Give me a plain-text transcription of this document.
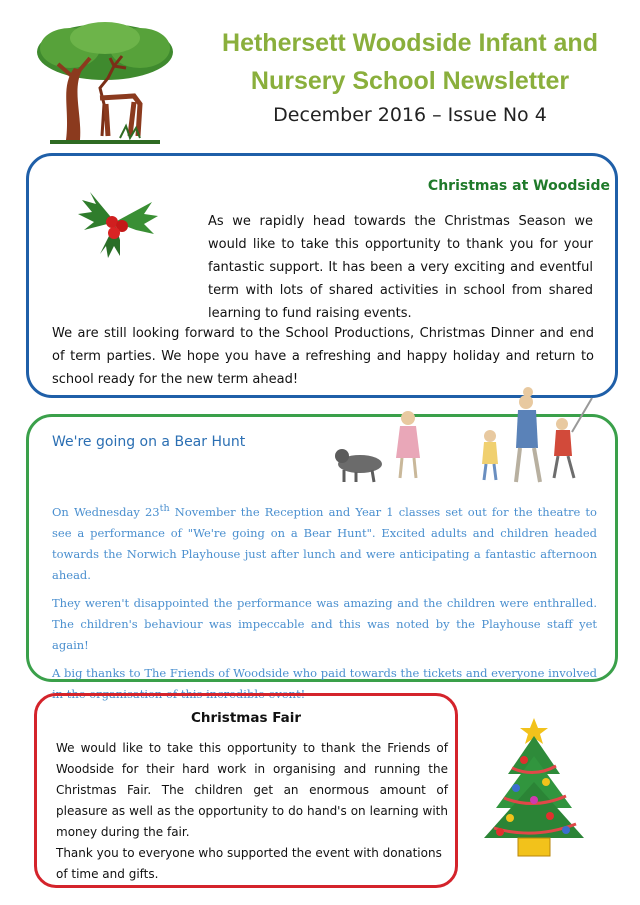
Hethersett Woodside Infant and Nursery School Newsletter
December 2016 – Issue No 4
Christmas at Woodside

As we rapidly head towards the Christmas Season we would like to take this opportunity to thank you for your fantastic support. It has been a very exciting and eventful term with lots of shared activities in school from shared learning to fund raising events.

We are still looking forward to the School Productions, Christmas Dinner and end of term parties. We hope you have a refreshing and happy holiday and return to school ready for the new term ahead!

We're going on a Bear Hunt

On Wednesday 23th November the Reception and Year 1 classes set out for the theatre to see a performance of "We're going on a Bear Hunt". Excited adults and children headed towards the Norwich Playhouse just after lunch and were anticipating a fantastic afternoon ahead.

They weren't disappointed the performance was amazing and the children were enthralled. The children's behaviour was impeccable and this was noted by the Playhouse staff yet again!

A big thanks to The Friends of Woodside who paid towards the tickets and everyone involved in the organisation of this incredible event!

Christmas Fair
We would like to take this opportunity to thank the Friends of Woodside for their hard work in organising and running the Christmas Fair. The children get an enormous amount of pleasure as well as the opportunity to do hand's on learning with money during the fair.
Thank you to everyone who supported the event with donations of time and gifts.
